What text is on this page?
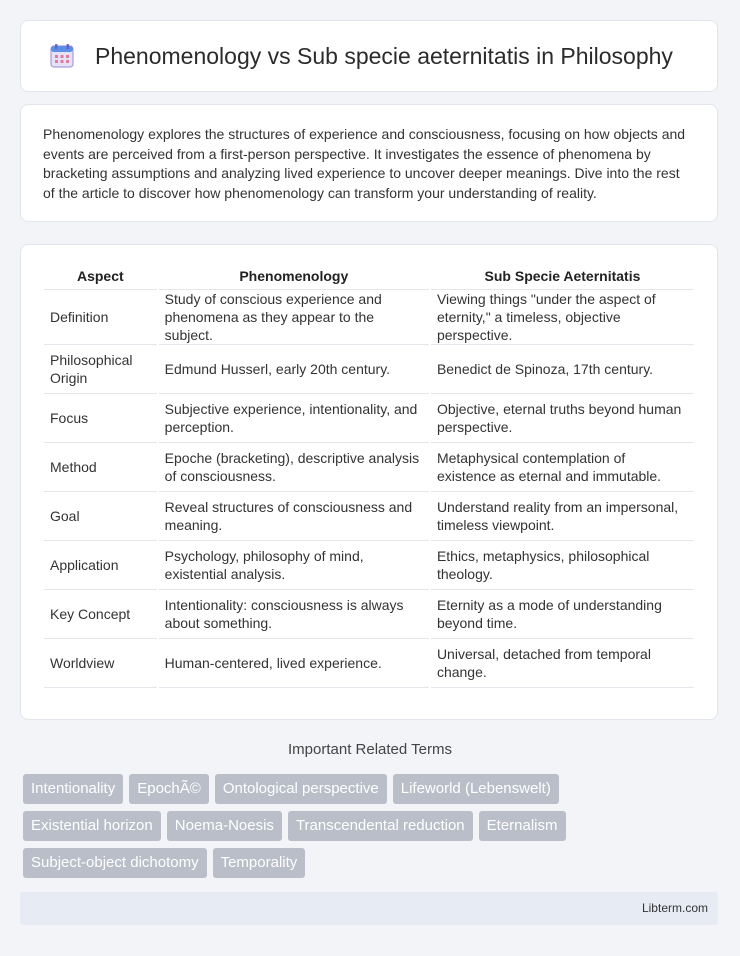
Phenomenology vs Sub specie aeternitatis in Philosophy

Phenomenology explores the structures of experience and consciousness, focusing on how objects and events are perceived from a first-person perspective. It investigates the essence of phenomena by bracketing assumptions and analyzing lived experience to uncover deeper meanings. Dive into the rest of the article to discover how phenomenology can transform your understanding of reality.

Aspect	Phenomenology	Sub Specie Aeternitatis
Definition	Study of conscious experience and phenomena as they appear to the subject.	Viewing things "under the aspect of eternity," a timeless, objective perspective.
Philosophical Origin	Edmund Husserl, early 20th century.	Benedict de Spinoza, 17th century.
Focus	Subjective experience, intentionality, and perception.	Objective, eternal truths beyond human perspective.
Method	Epoche (bracketing), descriptive analysis of consciousness.	Metaphysical contemplation of existence as eternal and immutable.
Goal	Reveal structures of consciousness and meaning.	Understand reality from an impersonal, timeless viewpoint.
Application	Psychology, philosophy of mind, existential analysis.	Ethics, metaphysics, philosophical theology.
Key Concept	Intentionality: consciousness is always about something.	Eternity as a mode of understanding beyond time.
Worldview	Human-centered, lived experience.	Universal, detached from temporal change.
Important Related Terms
Intentionality EpochÃ© Ontological perspective Lifeworld (Lebenswelt)
Existential horizon Noema-Noesis Transcendental reduction Eternalism
Subject-object dichotomy Temporality
Libterm.com
